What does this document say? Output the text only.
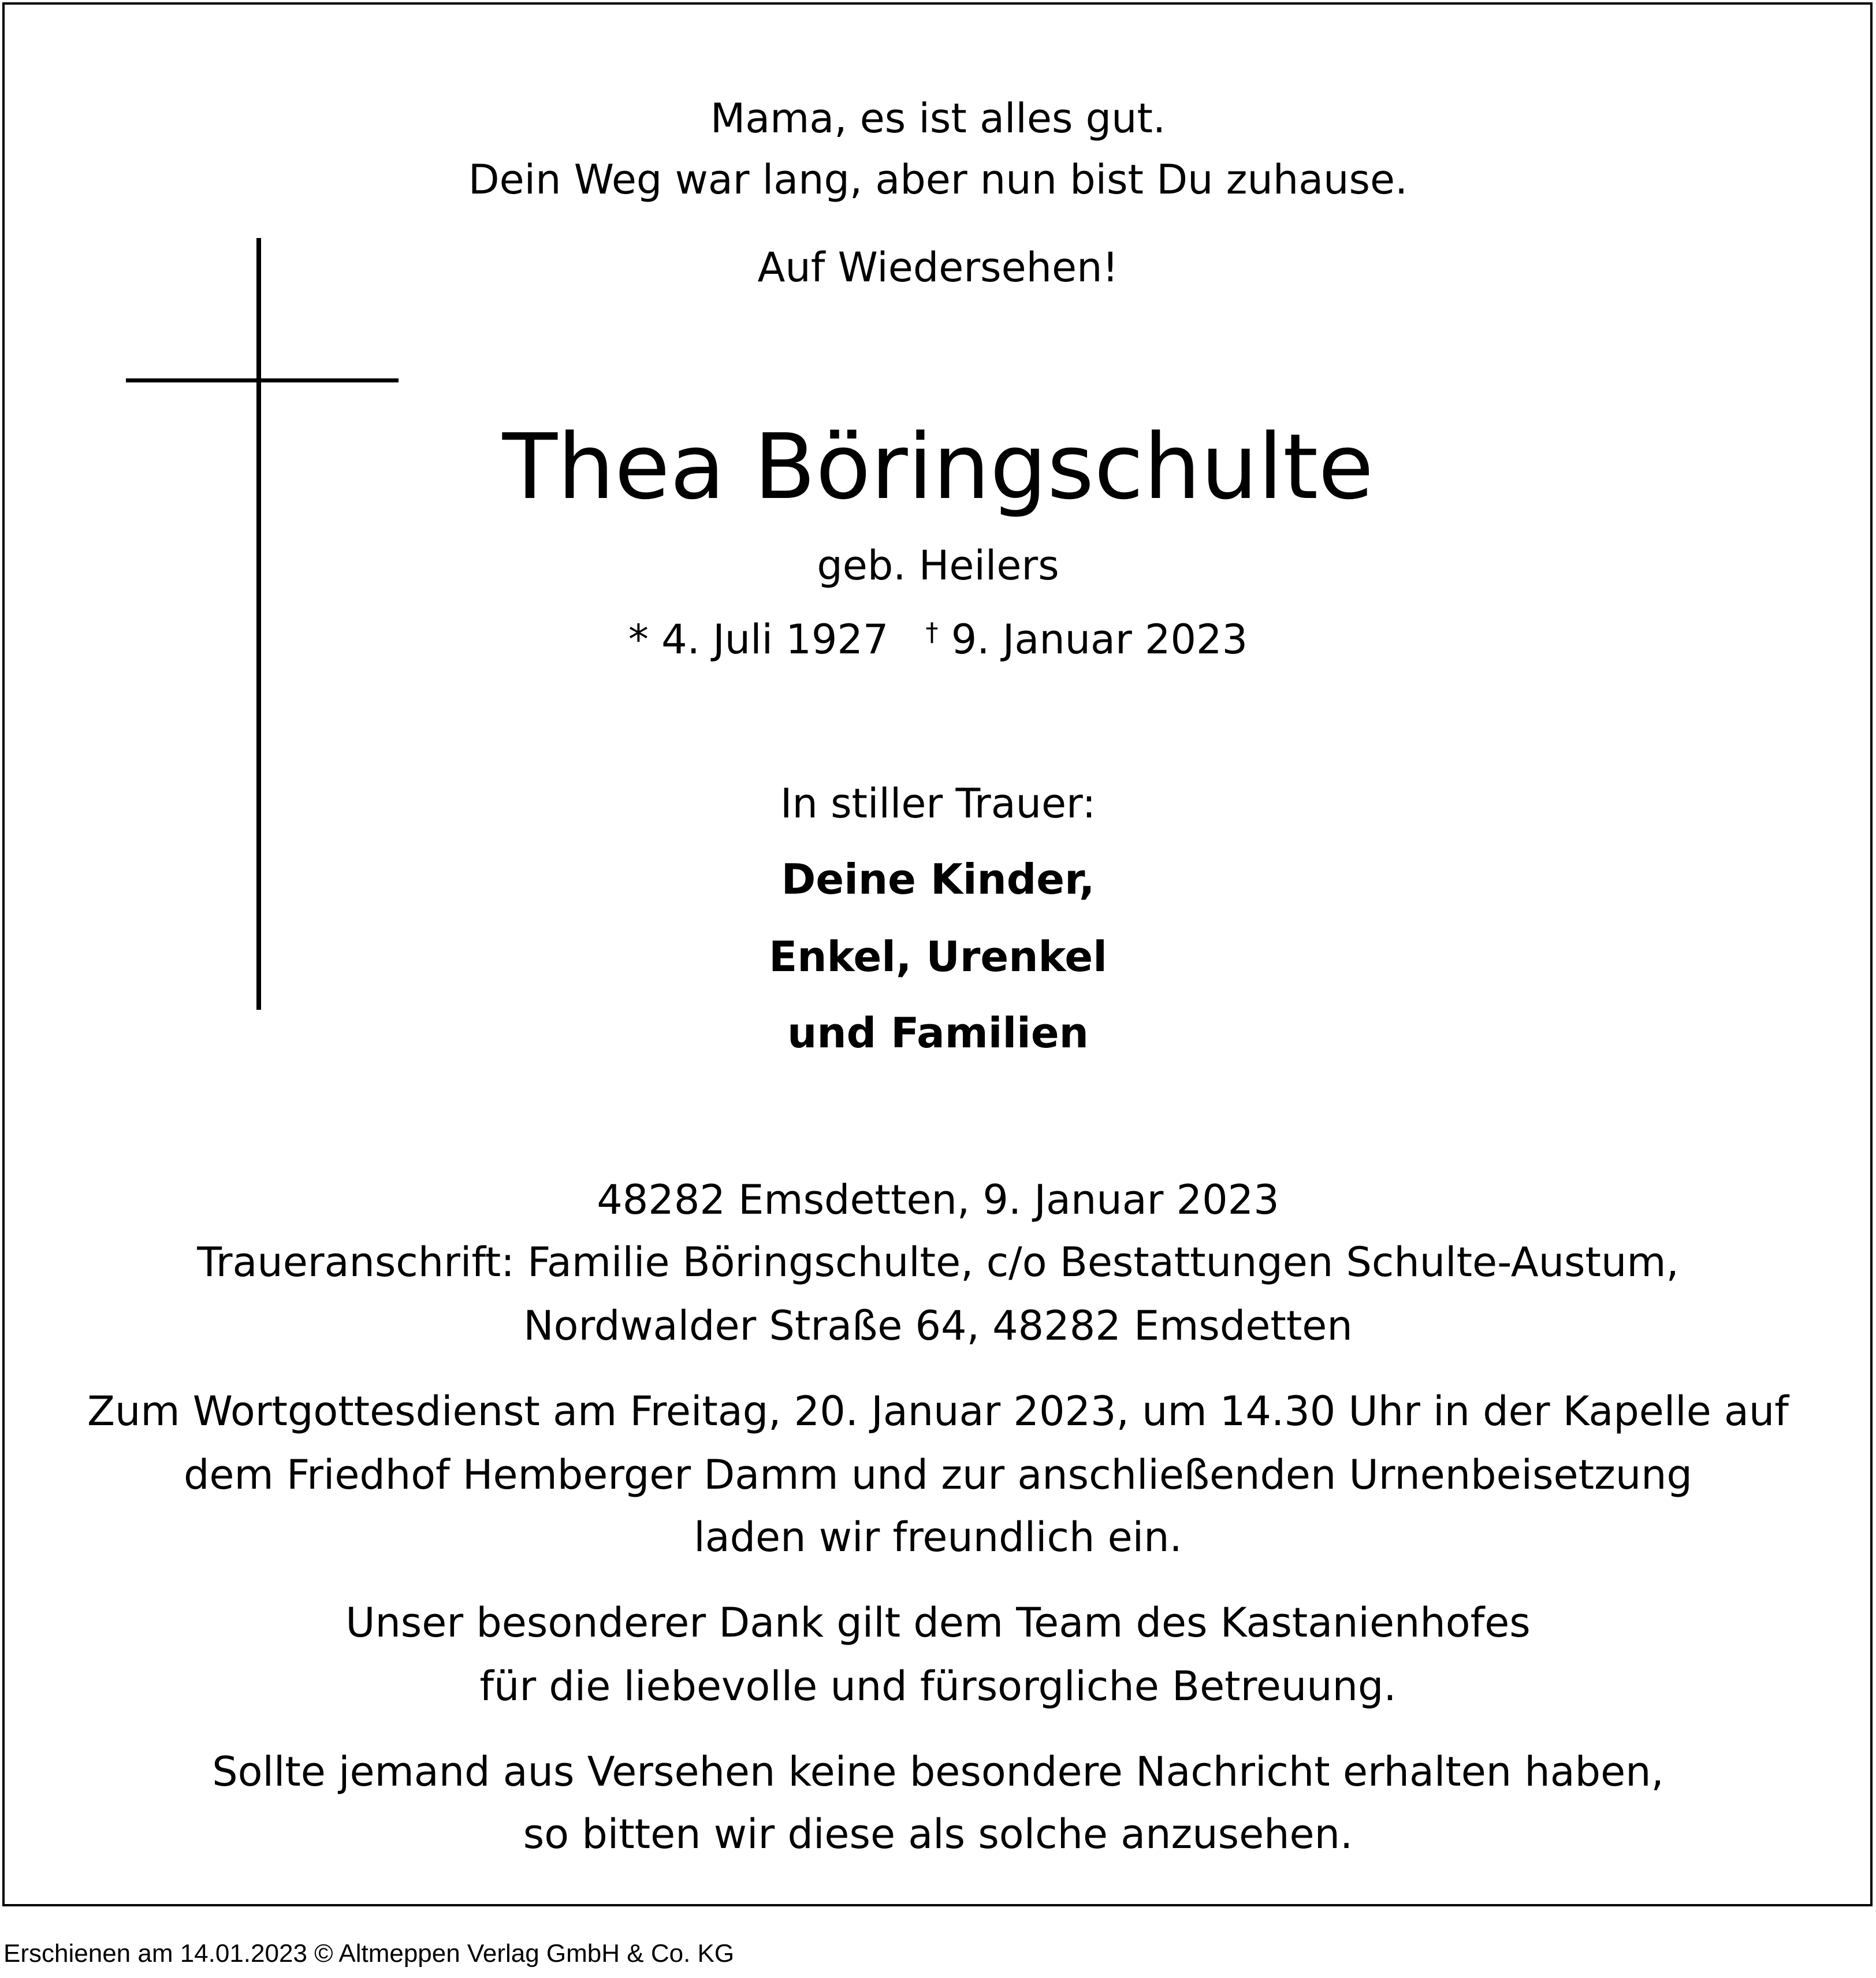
Mama, es ist alles gut.
Dein Weg war lang, aber nun bist Du zuhause.
Auf Wiedersehen!
Thea Böringschulte
geb. Heilers
* 4. Juli 1927 † 9. Januar 2023
In stiller Trauer:
Deine Kinder,
Enkel, Urenkel
und Familien
48282 Emsdetten, 9. Januar 2023
Traueranschrift: Familie Böringschulte, c/o Bestattungen Schulte-Austum,
Nordwalder Straße 64, 48282 Emsdetten
Zum Wortgottesdienst am Freitag, 20. Januar 2023, um 14.30 Uhr in der Kapelle auf
dem Friedhof Hemberger Damm und zur anschließenden Urnenbeisetzung
laden wir freundlich ein.
Unser besonderer Dank gilt dem Team des Kastanienhofes
für die liebevolle und fürsorgliche Betreuung.
Sollte jemand aus Versehen keine besondere Nachricht erhalten haben,
so bitten wir diese als solche anzusehen.
Erschienen am 14.01.2023 © Altmeppen Verlag GmbH & Co. KG
